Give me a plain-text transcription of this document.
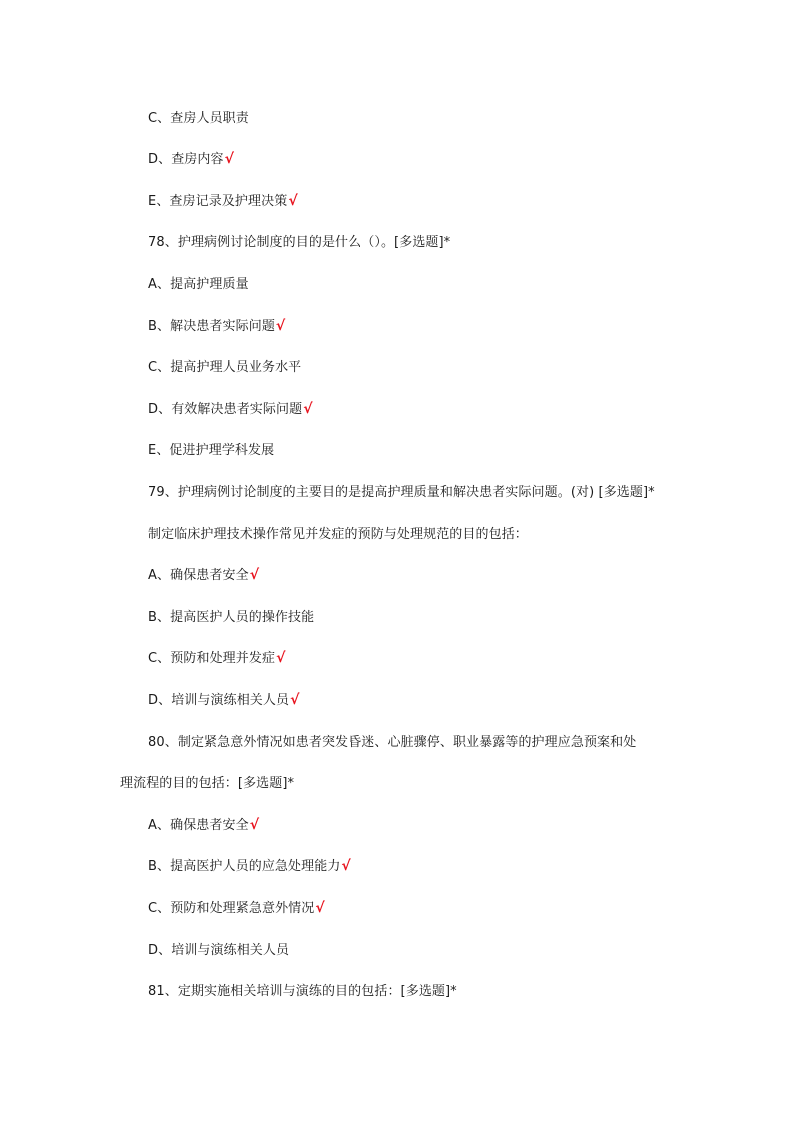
C、查房人员职责
D、查房内容√
E、查房记录及护理决策√
78、护理病例讨论制度的目的是什么（）。[多选题]*
A、提高护理质量
B、解决患者实际问题√
C、提高护理人员业务水平
D、有效解决患者实际问题√
E、促进护理学科发展
79、护理病例讨论制度的主要目的是提高护理质量和解决患者实际问题。(对) [多选题]*
制定临床护理技术操作常见并发症的预防与处理规范的目的包括：
A、确保患者安全√
B、提高医护人员的操作技能
C、预防和处理并发症√
D、培训与演练相关人员√
80、制定紧急意外情况如患者突发昏迷、心脏骤停、职业暴露等的护理应急预案和处
理流程的目的包括：[多选题]*
A、确保患者安全√
B、提高医护人员的应急处理能力√
C、预防和处理紧急意外情况√
D、培训与演练相关人员
81、定期实施相关培训与演练的目的包括：[多选题]*
